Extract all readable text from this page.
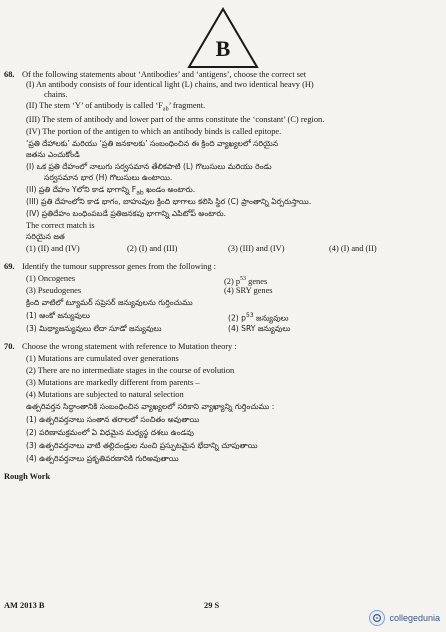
B
68. Of the following statements about ‘Antibodies’ and ‘antigens’, choose the correct set
(I) An antibody consists of four identical light (L) chains, and two identical heavy (H)
chains.
(II) The stem ‘Y’ of antibody is called ‘$F_{ab}$’ fragment.
(III) The stem of antibody and lower part of the arms constitute the ‘constant’ (C) region.
(IV) The portion of the antigen to which an antibody binds is called epitope.
‘ప్రతి దేహాలకు’ మరియు ‘ప్రతి జనకాలకు’ సంబంధించిన ఈ క్రింది వ్యాఖ్యలలో సరియైన
జతను ఎంచుకోండి
(I) ఒక ప్రతి దేహంలో నాలుగు సర్వసమాన తేలికపాటి (L) గొలుసులు మరియు రెండు
సర్వసమాన భార (H) గొలుసులు ఉంటాయి.
(II) ప్రతి దేహం Yలోని కాడ భాగాన్ని $F_{ab}$ ఖండం అంటారు.
(III) ప్రతి దేహంలోని కాడ భాగం, బాహువుల క్రింది భాగాలు కలిసి స్థిర (C) ప్రాంతాన్ని ఏర్పరుస్తాయి.
(IV) ప్రతిదేహం బంధింపబడే ప్రతిజనకపు భాగాన్ని ఎపిటోప్ అంటారు.
The correct match is
సరియైన జత
(1) (II) and (IV)	(2) (I) and (III)	(3) (III) and (IV)	(4) (I) and (II)
69. Identify the tumour suppressor genes from the following :
(1) Oncogenes	(2) $p^{53}$ genes
(3) Pseudogenes	(4) SRY genes
క్రింది వాటిలో ట్యూమర్ సప్రెసర్ జన్యువులను గుర్తించుము
(1) ఆంకో జన్యువులు	(2) $p^{53}$ జన్యువులు
(3) మిథ్యాజన్యువులు లేదా సూడో జన్యువులు	(4) SRY జన్యువులు
70. Choose the wrong statement with reference to Mutation theory :
(1) Mutations are cumulated over generations
(2) There are no intermediate stages in the course of evolution
(3) Mutations are markedly different from parents –
(4) Mutations are subjected to natural selection
ఉత్పరివర్తన సిద్ధాంతానికి సంబంధించిన వ్యాఖ్యలలో సరికాని వ్యాఖ్యాన్ని గుర్తించుము :
(1) ఉత్పరివర్తనాలు సంతాన తరాలలో సంచితం అవుతాయి
(2) పరిణామక్రమంలో ఏ విధమైన మధ్యస్థ దశలు ఉండవు
(3) ఉత్పరివర్తనాలు వాటి తల్లిదండ్రుల నుంచి ప్రస్ఫుటమైన భేదాన్ని చూపుతాయి
(4) ఉత్పరివర్తనాలు ప్రకృతివరణానికి గురిఅవుతాయి
Rough Work
AM 2013 B	29 S
collegedunia
